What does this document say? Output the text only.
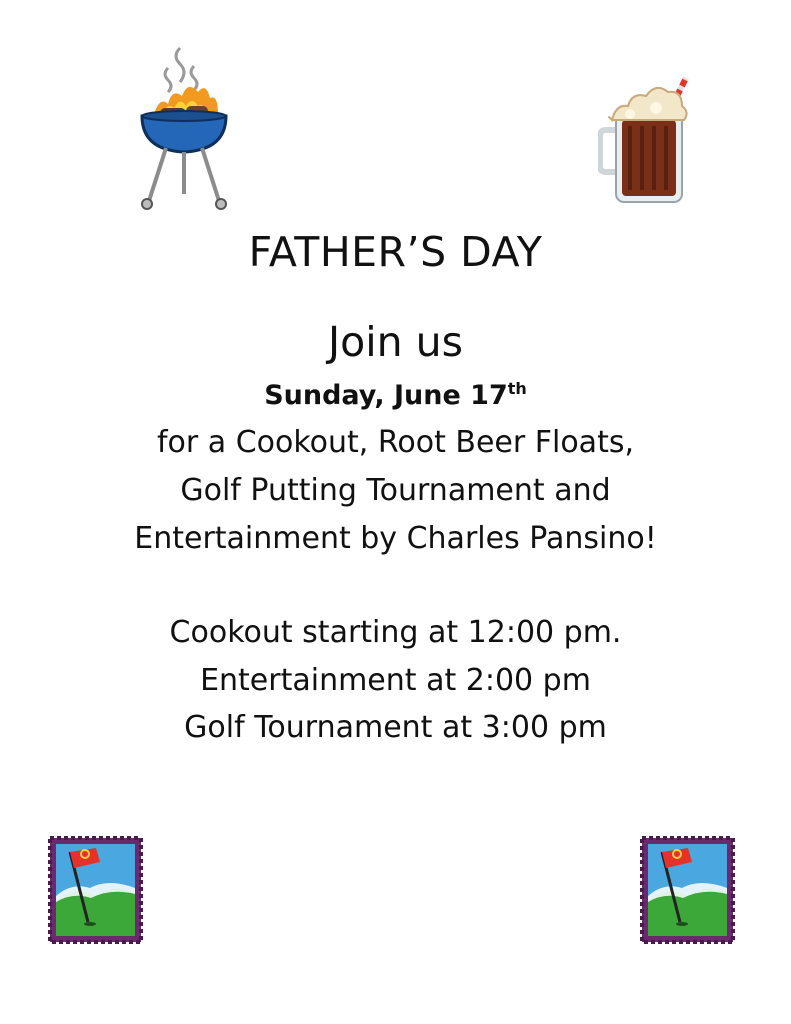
FATHER’S DAY
Join us
Sunday, June 17th
for a Cookout, Root Beer Floats,
Golf Putting Tournament and
Entertainment by Charles Pansino!
Cookout starting at 12:00 pm.
Entertainment at 2:00 pm
Golf Tournament at 3:00 pm
